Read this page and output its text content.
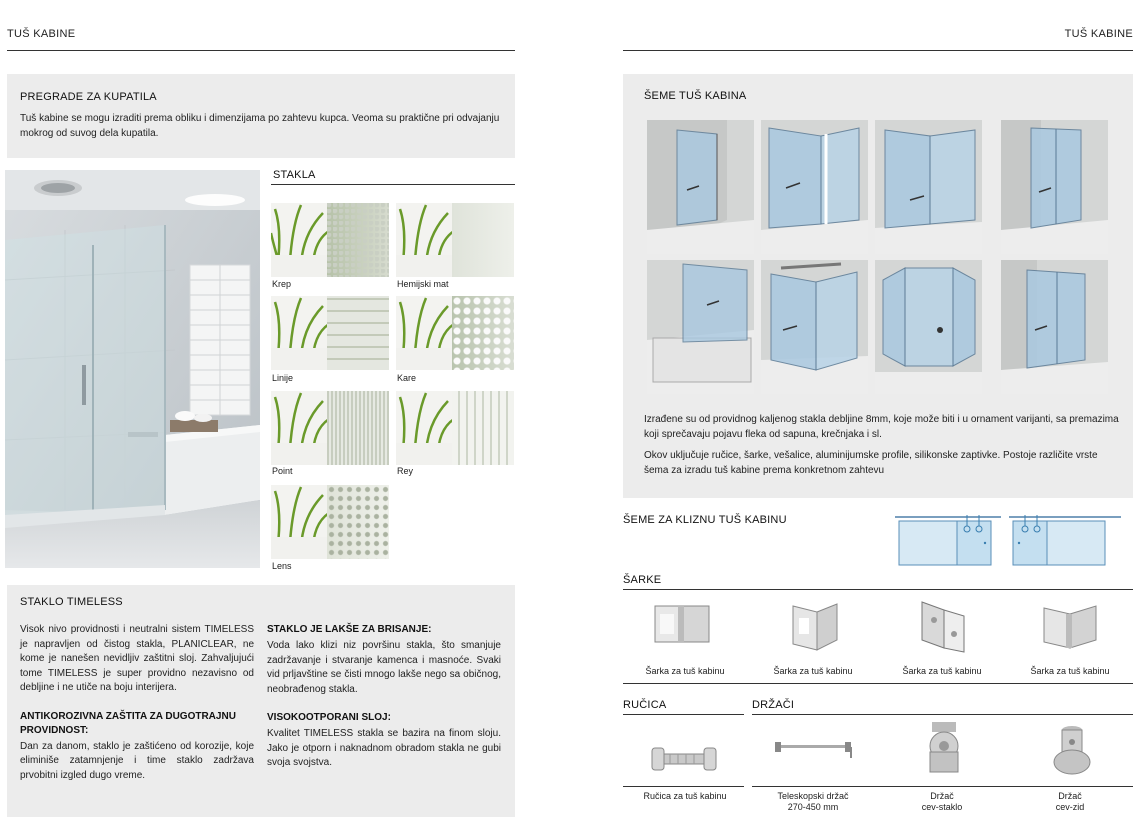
TUŠ KABINE
PREGRADE ZA KUPATILA
Tuš kabine se mogu izraditi prema obliku i dimenzijama po zahtevu kupca. Veoma su praktične pri odvajanju mokrog od suvog dela kupatila.
STAKLA
Krep	Hemijski mat
Linije	Kare
Point	Rey
Lens
STAKLO TIMELESS
Visok nivo providnosti i neutralni sistem TIMELESS je napravljen od čistog stakla, PLANICLEAR, ne kome je nanešen nevidljiv zaštitni sloj. Zahvaljujući tome TIMELESS je super providno nezavisno od debljine i ne utiče na boju interijera.
ANTIKOROZIVNA ZAŠTITA ZA DUGOTRAJNU PROVIDNOST:
Dan za danom, staklo je zaštićeno od korozije, koje eliminiše zatamnjenje i time staklo zadržava prvobitni izgled dugo vreme.
STAKLO JE LAKŠE ZA BRISANJE:
Voda lako klizi niz površinu stakla, što smanjuje zadržavanje i stvaranje kamenca i masnoće. Svaki vid prljavštine se čisti mnogo lakše nego sa običnog, neobrađenog stakla.
VISOKOOTPORANI SLOJ:
Kvalitet TIMELESS stakla se bazira na finom sloju. Jako je otporn i naknadnom obradom stakla ne gubi svoja svojstva.
TUŠ KABINE
ŠEME TUŠ KABINA
Izrađene su od providnog kaljenog stakla debljine 8mm, koje može biti i u ornament varijanti, sa premazima koji sprečavaju pojavu fleka od sapuna, krečnjaka i sl.
Okov uključuje ručice, šarke, vešalice, aluminijumske profile, silikonske zaptivke. Postoje različite vrste šema za izradu tuš kabine prema konkretnom zahtevu
ŠEME ZA KLIZNU TUŠ KABINU
ŠARKE
Šarka za tuš kabinu	Šarka za tuš kabinu	Šarka za tuš kabinu	Šarka za tuš kabinu
RUČICA
Ručica za tuš kabinu
DRŽAČI
Teleskopski držač
270-450 mm
Držač
cev-staklo
Držač
cev-zid
